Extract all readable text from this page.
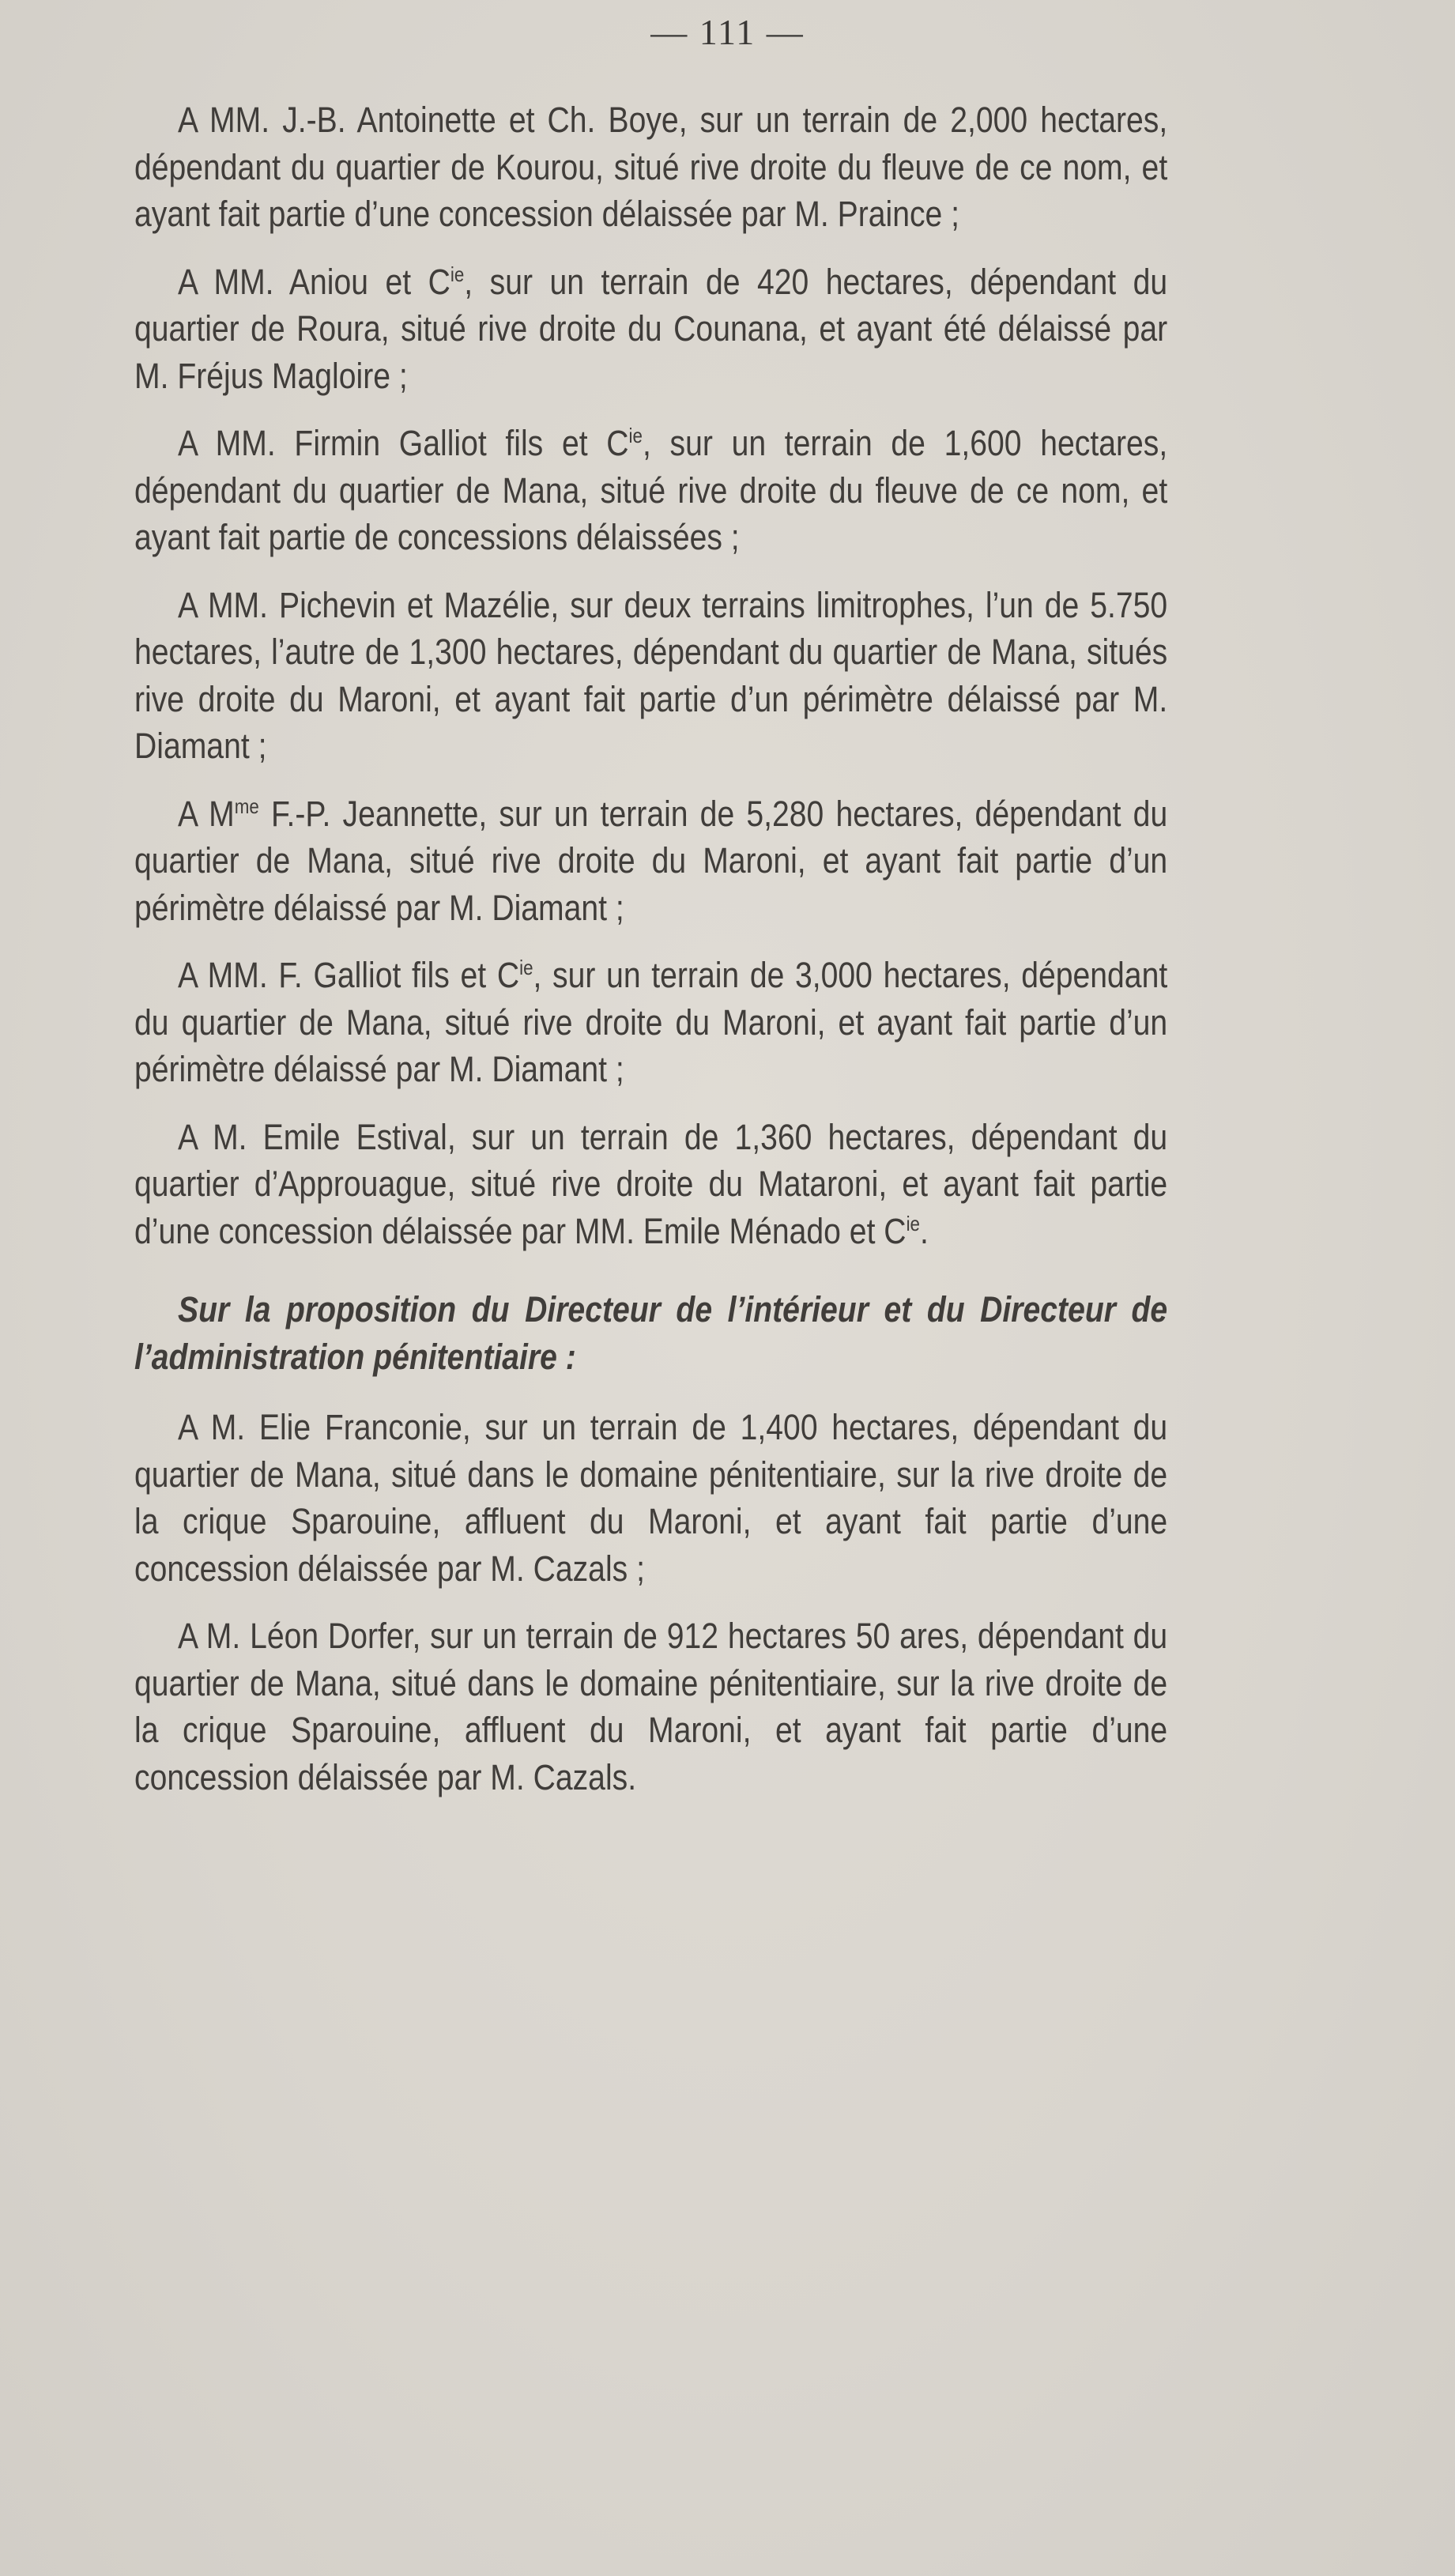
— 111 —

A MM. J.-B. Antoinette et Ch. Boye, sur un terrain de 2,000 hectares, dépendant du quartier de Kourou, situé rive droite du fleuve de ce nom, et ayant fait partie d’une concession délaissée par M. Praince ;

A MM. Aniou et $C^{ie}$, sur un terrain de 420 hectares, dépendant du quartier de Roura, situé rive droite du Counana, et ayant été délaissé par M. Fréjus Magloire ;

A MM. Firmin Galliot fils et $C^{ie}$, sur un terrain de 1,600 hectares, dépendant du quartier de Mana, situé rive droite du fleuve de ce nom, et ayant fait partie de concessions délaissées ;

A MM. Pichevin et Mazélie, sur deux terrains limitrophes, l’un de 5.750 hectares, l’autre de 1,300 hectares, dépendant du quartier de Mana, situés rive droite du Maroni, et ayant fait partie d’un périmètre délaissé par M. Diamant ;

A $M^{me}$ F.-P. Jeannette, sur un terrain de 5,280 hectares, dépendant du quartier de Mana, situé rive droite du Maroni, et ayant fait partie d’un périmètre délaissé par M. Diamant ;

A MM. F. Galliot fils et $C^{ie}$, sur un terrain de 3,000 hectares, dépendant du quartier de Mana, situé rive droite du Maroni, et ayant fait partie d’un périmètre délaissé par M. Diamant ;

A M. Emile Estival, sur un terrain de 1,360 hectares, dépendant du quartier d’Approuague, situé rive droite du Mataroni, et ayant fait partie d’une concession délaissée par MM. Emile Ménado et $C^{ie}$.

Sur la proposition du Directeur de l’intérieur et du Directeur de l’administration pénitentiaire :

A M. Elie Franconie, sur un terrain de 1,400 hectares, dépendant du quartier de Mana, situé dans le domaine pénitentiaire, sur la rive droite de la crique Sparouine, affluent du Maroni, et ayant fait partie d’une concession délaissée par M. Cazals ;

A M. Léon Dorfer, sur un terrain de 912 hectares 50 ares, dépendant du quartier de Mana, situé dans le domaine pénitentiaire, sur la rive droite de la crique Sparouine, affluent du Maroni, et ayant fait partie d’une concession délaissée par M. Cazals.
